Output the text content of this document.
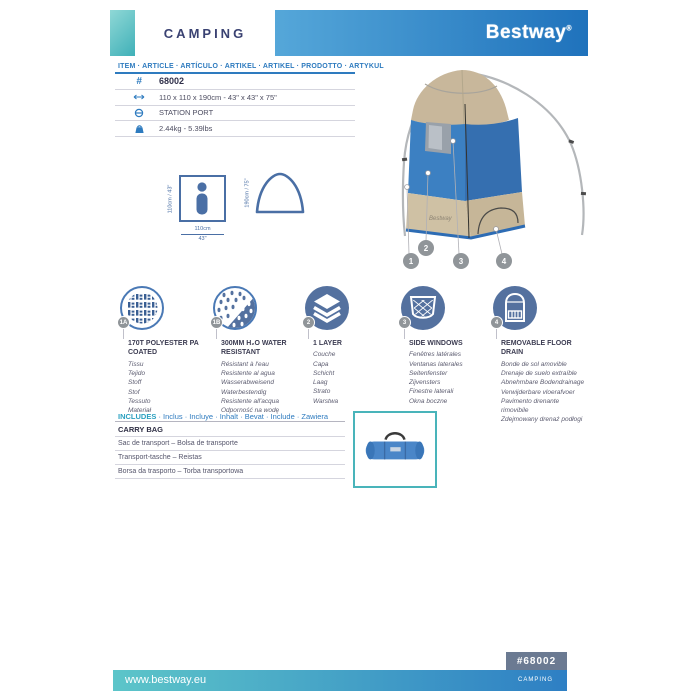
CAMPING	Bestway®
ITEM · ARTICLE · ARTÍCULO · ARTIKEL · ARTIKEL · PRODOTTO · ARTYKUL
#	68002
110 x 110 x 190cm - 43" x 43" x 75"
STATION PORT
2.44kg - 5.39lbs
110cm / 43"
110cm
43"
190cm / 75"
Bestway
1
2
3	4
1A
170T POLYESTER PA COATED
Tissu
Tejido
Stoff
Stof
Tessuto
Materiał
1B
300MM H₂O WATER RESISTANT
Résistant à l'eau
Resistente al agua
Wasserabweisend
Waterbestendig
Resistente all'acqua
Odporność na wodę
2
1 LAYER
Couche
Capa
Schicht
Laag
Strato
Warstwa
3
SIDE WINDOWS
Fenêtres latérales
Ventanas laterales
Seitenfenster
Zijvensters
Finestre laterali
Okna boczne
4
REMOVABLE FLOOR DRAIN
Bonde de sol amovible
Drenaje de suelo extraíble
Abnehmbare Bodendrainage
Verwijderbare vloerafvoer
Pavimento drenante rimovibile
Zdejmowany drenaż podłogi
INCLUDES · Inclus · Incluye · Inhalt · Bevat · Include · Zawiera
CARRY BAG
Sac de transport – Bolsa de transporte
Transport-tasche – Reistas
Borsa da trasporto – Torba transportowa
#68002
www.bestway.eu	CAMPING
